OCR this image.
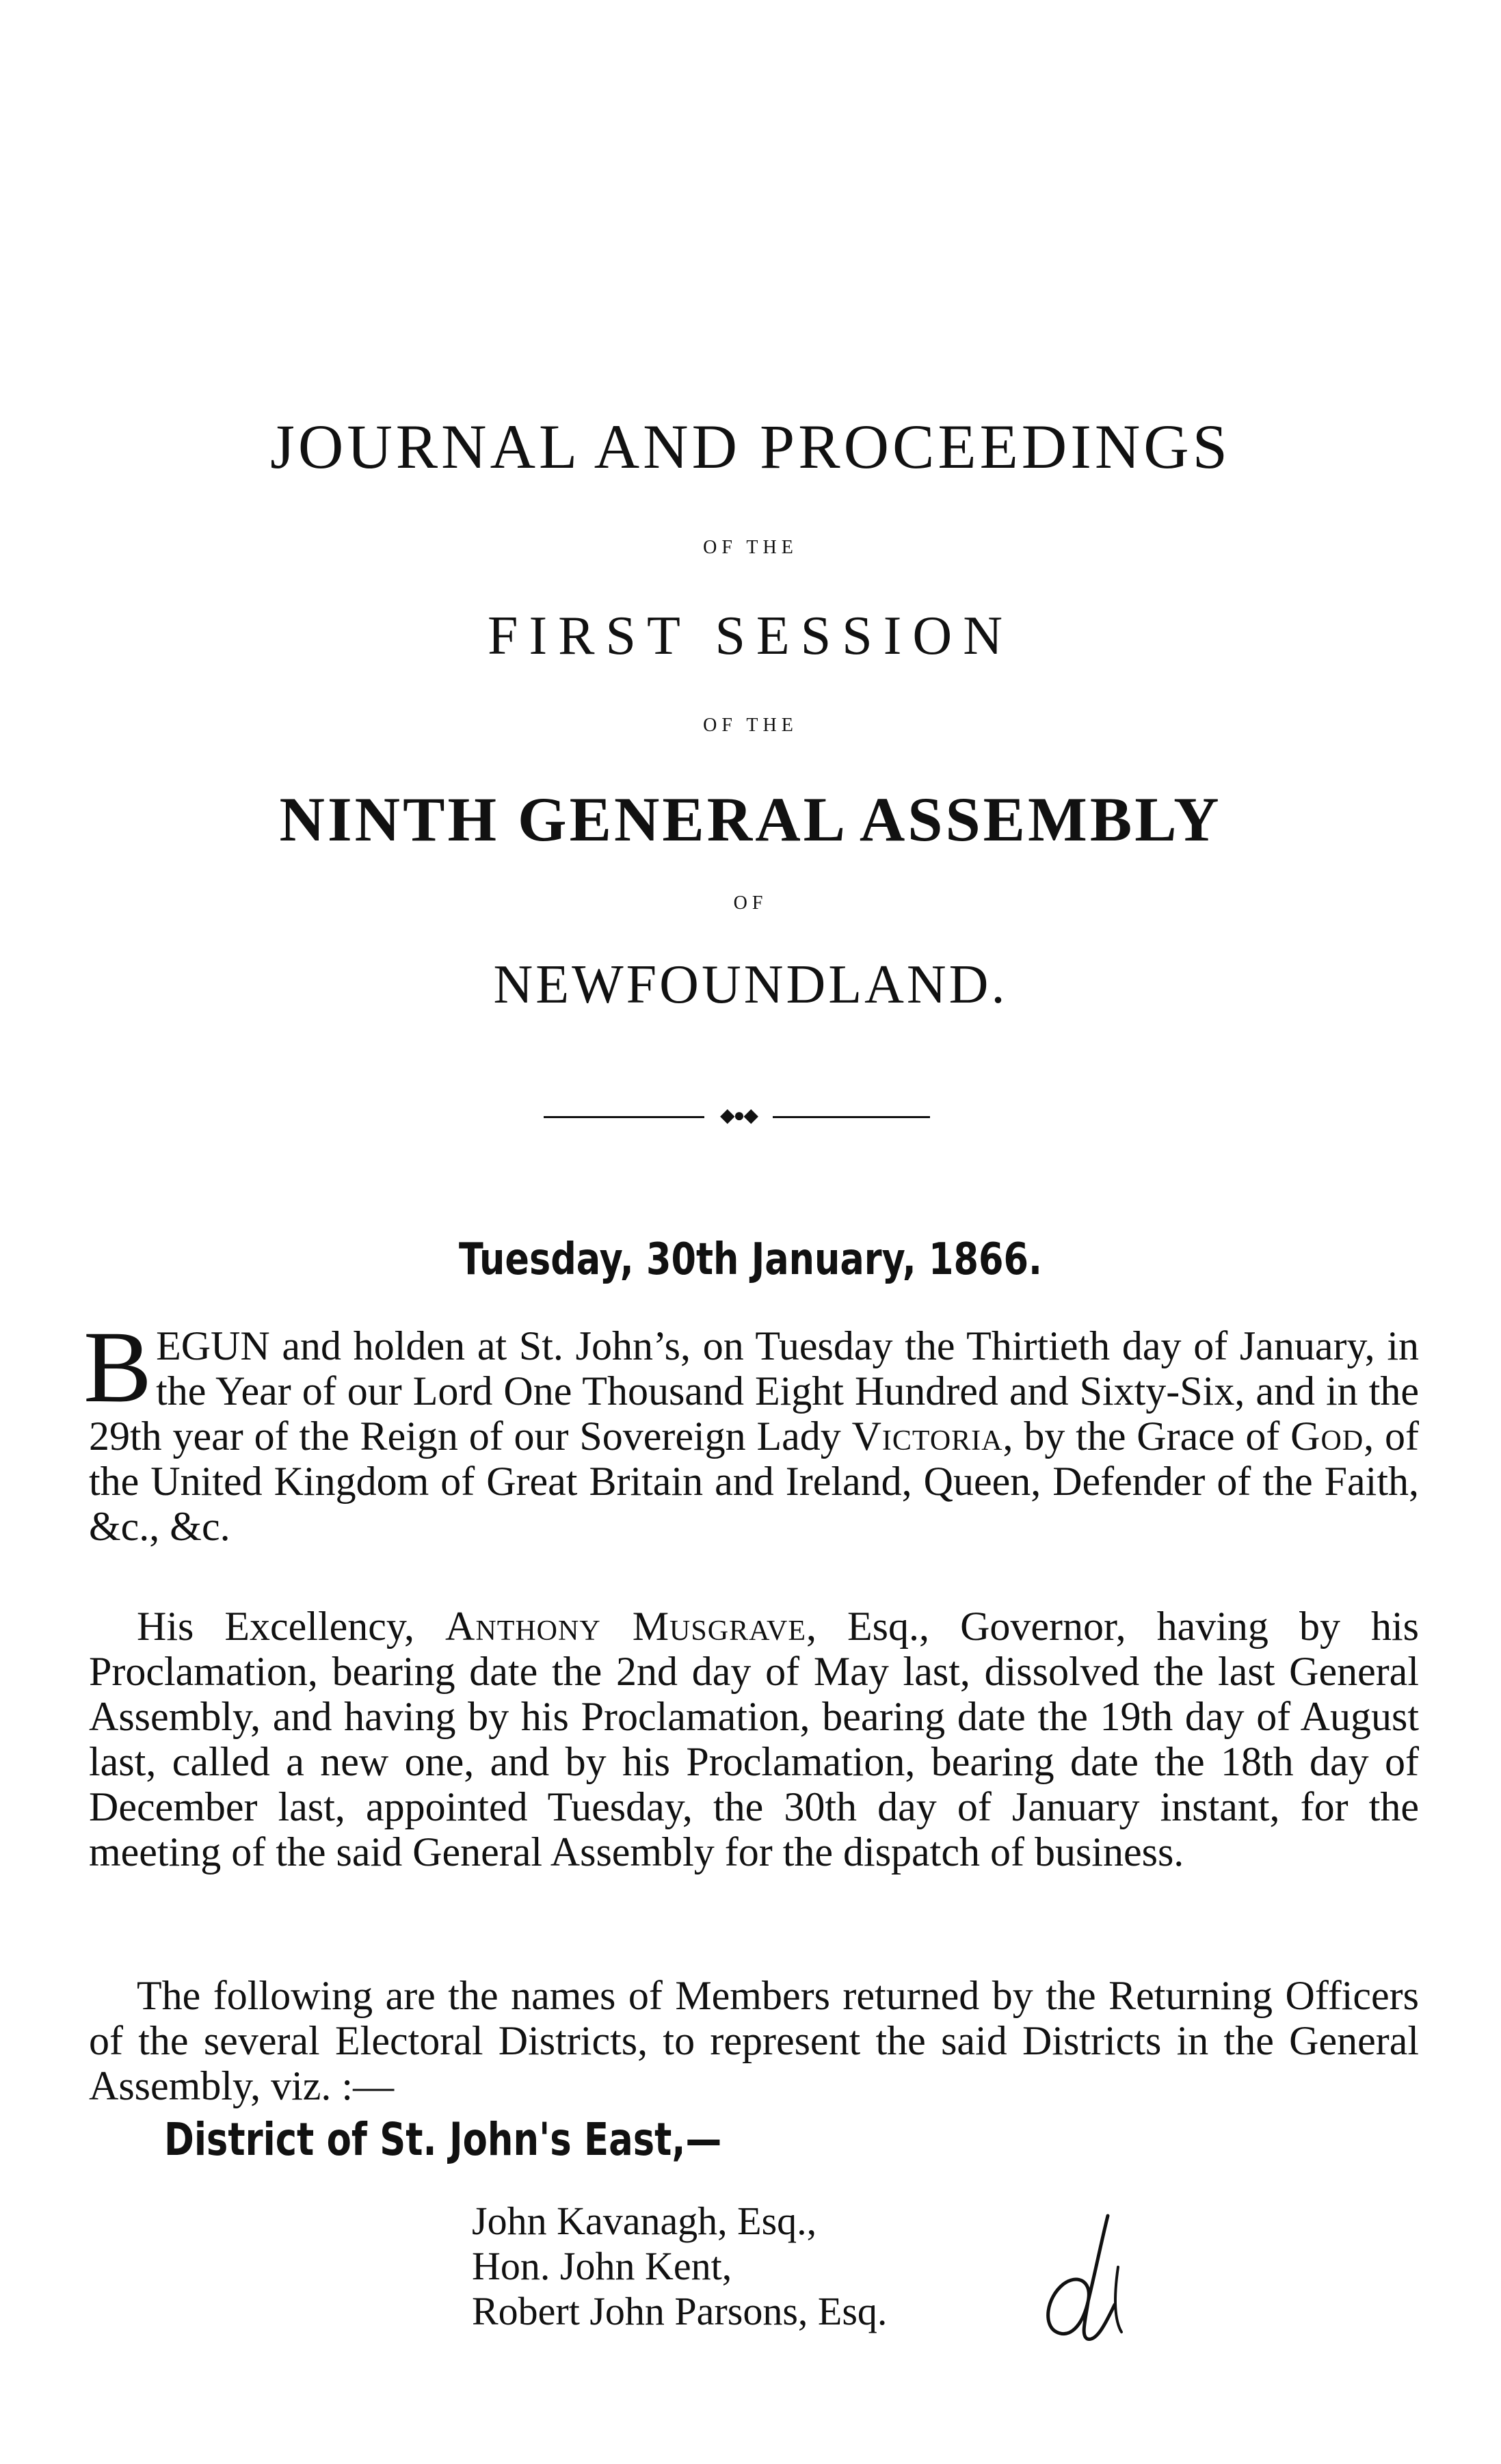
JOURNAL AND PROCEEDINGS
OF THE
FIRST SESSION
OF THE
NINTH GENERAL ASSEMBLY
OF
NEWFOUNDLAND.
◆●◆
Tuesday, 30th January, 1866.
BEGUN and holden at St. John’s, on Tuesday the Thirtieth day of January, in the Year of our Lord One Thousand Eight Hundred and Sixty-Six, and in the 29th year of the Reign of our Sovereign Lady Victoria, by the Grace of God, of the United Kingdom of Great Britain and Ireland, Queen, Defender of the Faith, &c., &c.
His Excellency, Anthony Musgrave, Esq., Governor, having by his Proclamation, bearing date the 2nd day of May last, dissolved the last General Assembly, and having by his Proclamation, bearing date the 19th day of August last, called a new one, and by his Proclamation, bearing date the 18th day of December last, appointed Tuesday, the 30th day of January instant, for the meeting of the said General Assembly for the dispatch of business.
The following are the names of Members returned by the Returning Officers of the several Electoral Districts, to represent the said Districts in the General Assembly, viz. :—
District of St. John's East,—
John Kavanagh, Esq.,
Hon. John Kent,
Robert John Parsons, Esq.
